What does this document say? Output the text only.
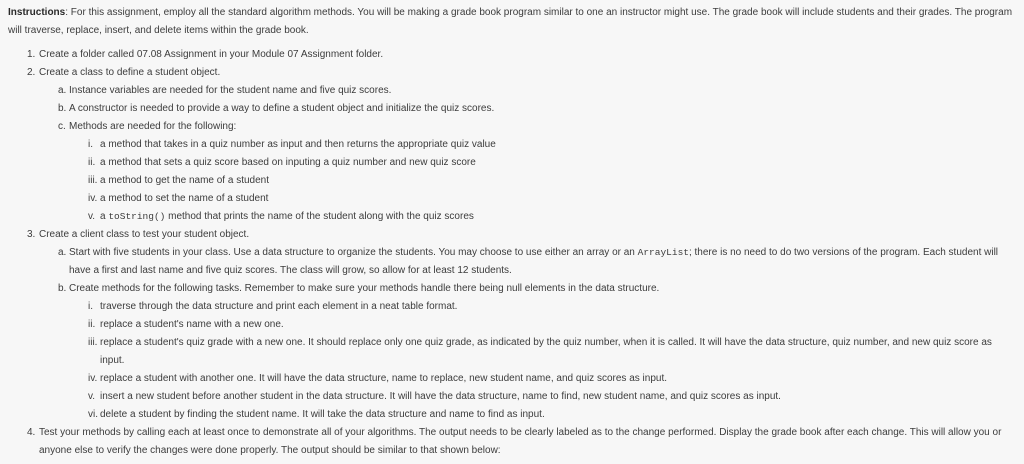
Instructions: For this assignment, employ all the standard algorithm methods. You will be making a grade book program similar to one an instructor might use. The grade book will include students and their grades. The program will traverse, replace, insert, and delete items within the grade book.

1. Create a folder called 07.08 Assignment in your Module 07 Assignment folder.
2. Create a class to define a student object.
a. Instance variables are needed for the student name and five quiz scores.
b. A constructor is needed to provide a way to define a student object and initialize the quiz scores.
c. Methods are needed for the following:
i. a method that takes in a quiz number as input and then returns the appropriate quiz value
ii. a method that sets a quiz score based on inputing a quiz number and new quiz score
iii. a method to get the name of a student
iv. a method to set the name of a student
v. a toString() method that prints the name of the student along with the quiz scores
3. Create a client class to test your student object.
a. Start with five students in your class. Use a data structure to organize the students. You may choose to use either an array or an ArrayList; there is no need to do two versions of the program. Each student will have a first and last name and five quiz scores. The class will grow, so allow for at least 12 students.
b. Create methods for the following tasks. Remember to make sure your methods handle there being null elements in the data structure.
i. traverse through the data structure and print each element in a neat table format.
ii. replace a student's name with a new one.
iii. replace a student's quiz grade with a new one. It should replace only one quiz grade, as indicated by the quiz number, when it is called. It will have the data structure, quiz number, and new quiz score as input.
iv. replace a student with another one. It will have the data structure, name to replace, new student name, and quiz scores as input.
v. insert a new student before another student in the data structure. It will have the data structure, name to find, new student name, and quiz scores as input.
vi. delete a student by finding the student name. It will take the data structure and name to find as input.
4. Test your methods by calling each at least once to demonstrate all of your algorithms. The output needs to be clearly labeled as to the change performed. Display the grade book after each change. This will allow you or anyone else to verify the changes were done properly. The output should be similar to that shown below:
